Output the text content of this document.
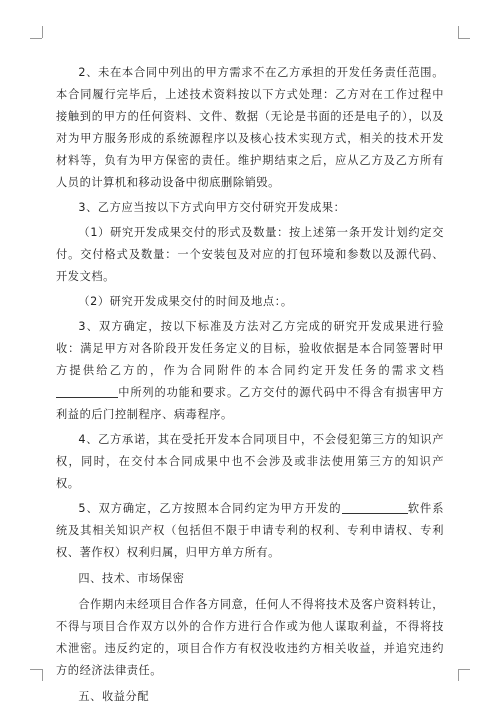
2、未在本合同中列出的甲方需求不在乙方承担的开发任务责任范围。本合同履行完毕后，上述技术资料按以下方式处理：乙方对在工作过程中接触到的甲方的任何资料、文件、数据（无论是书面的还是电子的），以及对为甲方服务形成的系统源程序以及核心技术实现方式，相关的技术开发材料等，负有为甲方保密的责任。维护期结束之后，应从乙方及乙方所有人员的计算机和移动设备中彻底删除销毁。

3、乙方应当按以下方式向甲方交付研究开发成果：

（1）研究开发成果交付的形式及数量：按上述第一条开发计划约定交付。交付格式及数量：一个安装包及对应的打包环境和参数以及源代码、开发文档。

（2）研究开发成果交付的时间及地点：。

3、双方确定，按以下标准及方法对乙方完成的研究开发成果进行验收：满足甲方对各阶段开发任务定义的目标，验收依据是本合同签署时甲方提供给乙方的，作为合同附件的本合同约定开发任务的需求文档中所列的功能和要求。乙方交付的源代码中不得含有损害甲方利益的后门控制程序、病毒程序。

4、乙方承诺，其在受托开发本合同项目中，不会侵犯第三方的知识产权，同时，在交付本合同成果中也不会涉及或非法使用第三方的知识产权。

5、双方确定，乙方按照本合同约定为甲方开发的	软件系统及其相关知识产权（包括但不限于申请专利的权利、专利申请权、专利权、著作权）权利归属，归甲方单方所有。

四、技术、市场保密

合作期内未经项目合作各方同意，任何人不得将技术及客户资料转让，不得与项目合作双方以外的合作方进行合作或为他人谋取利益，不得将技术泄密。违反约定的，项目合作方有权没收违约方相关收益，并追究违约方的经济法律责任。

五、收益分配
